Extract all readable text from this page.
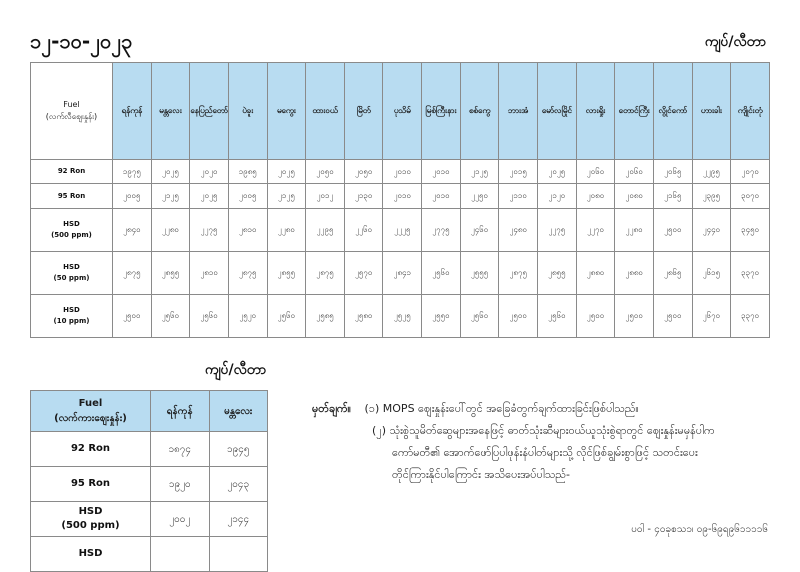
၁၂-၁၀-၂၀၂၃	ကျပ်/လီတာ
Fuel
(လက်လီဈေးနှုန်း)	ရန်ကုန်	မန္တလေး	နေပြည်တော်	ပဲခူး	မကွေး	ထားဝယ်	မြိတ်	ပုသိမ်	မြစ်ကြီးနား	စစ်ကွေ	ဘားအံ	မော်လမြိုင်	လားရှိုး	တောင်ကြီး	လွိုင်ကော်	ဟားခါး	ကျိုင်းတုံ

92 Ron	၁၉၇၅	၂၀၂၅	၂၀၂၀	၁၉၈၅	၂၀၂၅	၂၀၅၀	၂၀၅၀	၂၀၁၀	၂၀၁၀	၂၁၂၅	၂၀၁၅	၂၀၂၅	၂၀၆၀	၂၀၆၀	၂၀၆၅	၂၂၉၅	၂၀၇၀

95 Ron	၂၀၀၅	၂၁၂၅	၂၀၂၅	၂၀၀၅	၂၁၂၅	၂၀၁၂	၂၁၃၀	၂၀၁၀	၂၀၁၀	၂၂၅၀	၂၁၁၀	၂၁၂၀	၂၀၈၀	၂၀၈၀	၂၁၆၅	၂၃၉၅	၃၀၇၀

HSD
(500 ppm)	၂၈၄၀	၂၂၈၀	၂၂၇၅	၂၈၁၀	၂၂၈၀	၂၂၉၅	၂၂၆၀	၂၂၂၅	၂၇၇၅	၂၄၆၀	၂၄၈၀	၂၂၇၅	၂၂၇၀	၂၂၈၀	၂၅၀၀	၂၄၄၀	၃၄၅၀

HSD
(50 ppm)	၂၈၇၅	၂၈၅၅	၂၈၁၀	၂၈၇၅	၂၈၅၅	၂၈၇၅	၂၅၇၀	၂၈၄၁	၂၅၆၀	၂၅၅၅	၂၈၇၅	၂၈၅၅	၂၈၈၀	၂၈၈၀	၂၈၆၅	၂၆၁၅	၃၃၇၀

HSD
(10 ppm)	၂၅၀၀	၂၅၆၀	၂၅၆၀	၂၅၂၀	၂၅၆၀	၂၅၈၅	၂၅၈၀	၂၅၂၅	၂၅၅၀	၂၅၆၀	၂၅၀၀	၂၅၆၀	၂၅၀၀	၂၅၀၀	၂၅၀၀	၂၆၇၀	၃၃၇၀
ကျပ်/လီတာ
Fuel
(လက်ကားဈေးနှုန်း)	ရန်ကုန်	မန္တလေး

92 Ron	၁၈၇၄	၁၉၄၅

95 Ron	၁၉၂၀	၂၀၄၃

HSD
(500 ppm)	၂၀၀၂	၂၁၄၄

HSD		

မှတ်ချက်။ (၁) MOPS ဈေးနှုန်းပေါ်တွင် အခြေခံတွက်ချက်ထားခြင်းဖြစ်ပါသည်။
(၂) သုံးစွဲသူမိတ်ဆွေများအနေဖြင့် ဓာတ်သုံးဆီများဝယ်ယူသုံးစွဲရာတွင် ဈေးနှုန်းမမှန်ပါက
ကော်မတီ၏ အောက်ဖော်ပြပါဖုန်းနံပါတ်များသို့ လိုင်ဖြစ်ချွမ်းစွာဖြင့် သတင်းပေး
တိုင်ကြားနိုင်ပါကြောင်း အသိပေးအပ်ပါသည်-
ပ၀ါ - ၄၀ခုစသ၁၊ ၀၉-၆၉ရ၉၆၁၁၁၁၆
